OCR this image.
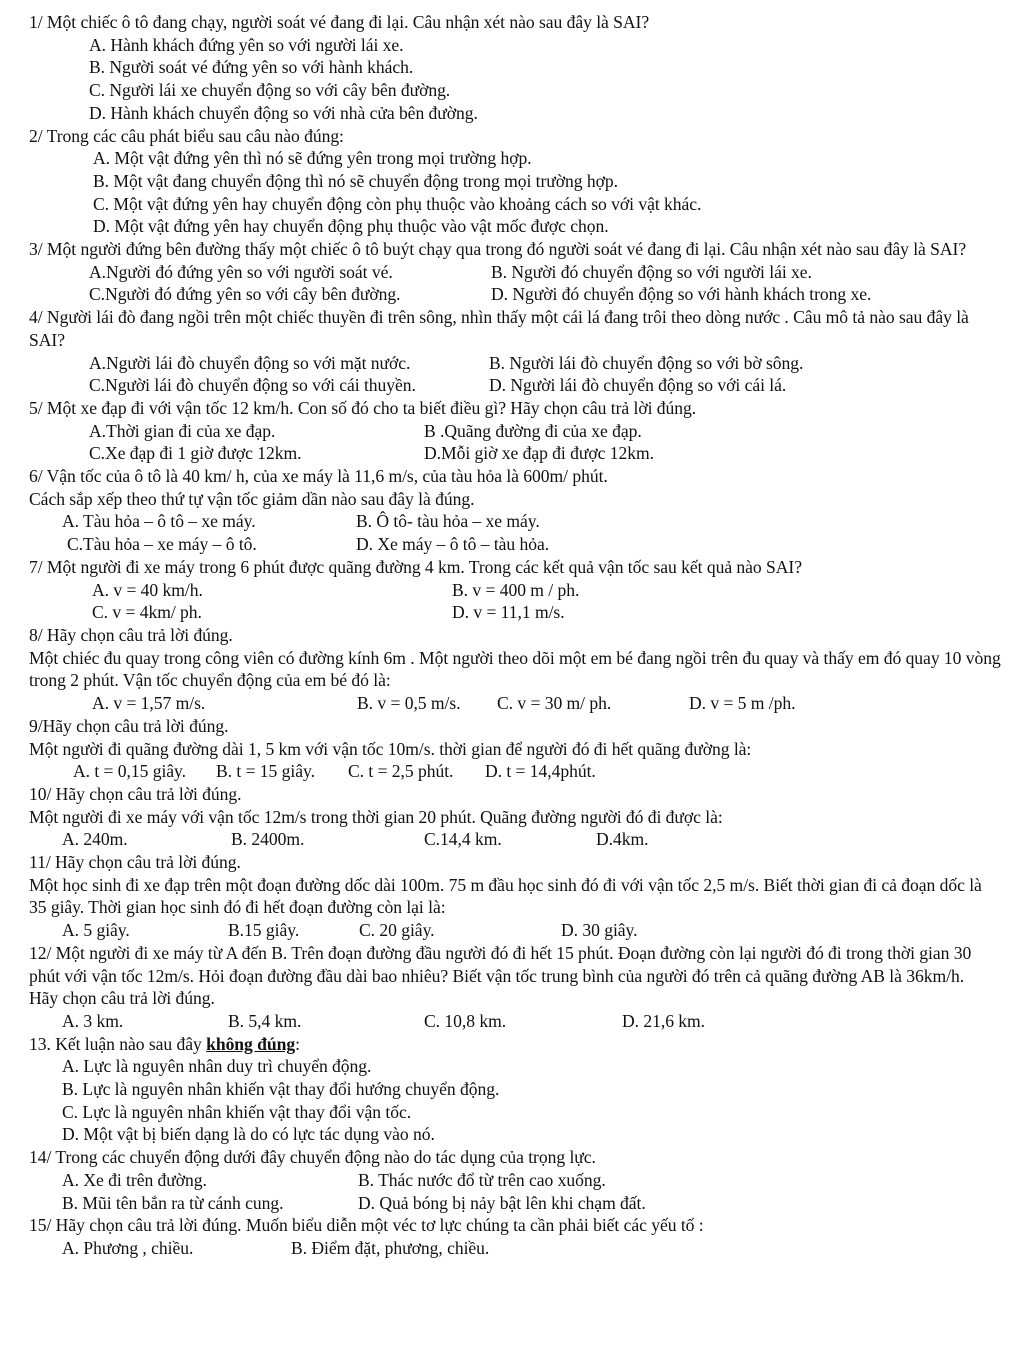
1/ Một chiếc ô tô đang chạy, người soát vé đang đi lại. Câu nhận xét nào sau đây là SAI?
A. Hành khách đứng yên so với người lái xe.
B. Người soát vé đứng yên so với hành khách.
C. Người lái xe chuyển động so với cây bên đường.
D. Hành khách chuyển động so với nhà cửa bên đường.
2/ Trong các câu phát biểu sau câu nào đúng:
A. Một vật đứng yên thì nó sẽ đứng yên trong mọi trường hợp.
B. Một vật đang chuyển động thì nó sẽ chuyển động trong mọi trường hợp.
C. Một vật đứng yên hay chuyển động còn phụ thuộc vào khoảng cách so với vật khác.
D. Một vật đứng yên hay chuyển động phụ thuộc vào vật mốc được chọn.
3/ Một người đứng bên đường thấy một chiếc ô tô buýt chạy qua trong đó người soát vé đang đi lại. Câu nhận xét nào sau đây là SAI?
A.Người đó đứng yên so với người soát vé.	B. Người đó chuyển động so với người lái xe.
C.Người đó đứng yên so với cây bên đường.	D. Người đó chuyển động so với hành khách trong xe.
4/ Người lái đò đang ngồi trên một chiếc thuyền đi trên sông, nhìn thấy một cái lá đang trôi theo dòng nước . Câu mô tả nào sau đây là SAI?
A.Người lái đò chuyển động so với mặt nước.	B. Người lái đò chuyển động so với bờ sông.
C.Người lái đò chuyển động so với cái thuyền.	D. Người lái đò chuyển động so với cái lá.
5/ Một xe đạp đi với vận tốc 12 km/h. Con số đó cho ta biết điều gì? Hãy chọn câu trả lời đúng.
A.Thời gian đi của xe đạp.	B .Quãng đường đi của xe đạp.
C.Xe đạp đi 1 giờ được 12km.	D.Mỗi giờ xe đạp đi được 12km.
6/ Vận tốc của ô tô là 40 km/ h, của xe máy là 11,6 m/s, của tàu hỏa là 600m/ phút.
Cách sắp xếp theo thứ tự vận tốc giảm dần nào sau đây là đúng.
A. Tàu hỏa – ô tô – xe máy.	B. Ô tô- tàu hỏa – xe máy.
C.Tàu hỏa – xe máy – ô tô.	D. Xe máy – ô tô – tàu hỏa.
7/ Một người đi xe máy trong 6 phút được quãng đường 4 km. Trong các kết quả vận tốc sau kết quả nào SAI?
A. v = 40 km/h.	B. v = 400 m / ph.
C. v = 4km/ ph.	D. v = 11,1 m/s.
8/ Hãy chọn câu trả lời đúng.
Một chiéc đu quay trong công viên có đường kính 6m . Một người theo dõi một em bé đang ngồi trên đu quay và thấy em đó quay 10 vòng trong 2 phút. Vận tốc chuyển động của em bé đó là:
A. v = 1,57 m/s.	B. v = 0,5 m/s.	C. v = 30 m/ ph.	D. v = 5 m /ph.
9/Hãy chọn câu trả lời đúng.
Một người đi quãng đường dài 1, 5 km với vận tốc 10m/s. thời gian để người đó đi hết quãng đường là:
A. t = 0,15 giây.	B. t = 15 giây.	C. t = 2,5 phút.	D. t = 14,4phút.
10/ Hãy chọn câu trả lời đúng.
Một người đi xe máy với vận tốc 12m/s trong thời gian 20 phút. Quãng đường người đó đi được là:
A. 240m.	B. 2400m.	C.14,4 km.	D.4km.
11/ Hãy chọn câu trả lời đúng.
Một học sinh đi xe đạp trên một đoạn đường dốc dài 100m. 75 m đầu học sinh đó đi với vận tốc 2,5 m/s. Biết thời gian đi cả đoạn dốc là 35 giây. Thời gian học sinh đó đi hết đoạn đường còn lại là:
A. 5 giây.	B.15 giây.	C. 20 giây.	D. 30 giây.
12/ Một người đi xe máy từ A đến B. Trên đoạn đường đầu người đó đi hết 15 phút. Đoạn đường còn lại người đó đi trong thời gian 30 phút với vận tốc 12m/s. Hỏi đoạn đường đầu dài bao nhiêu? Biết vận tốc trung bình của người đó trên cả quãng đường AB là 36km/h.
Hãy chọn câu trả lời đúng.
A. 3 km.	B. 5,4 km.	C. 10,8 km.	D. 21,6 km.
13. Kết luận nào sau đây không đúng:
A. Lực là nguyên nhân duy trì chuyển động.
B. Lực là nguyên nhân khiến vật thay đổi hướng chuyển động.
C. Lực là nguyên nhân khiến vật thay đổi vận tốc.
D. Một vật bị biến dạng là do có lực tác dụng vào nó.
14/ Trong các chuyển động dưới đây chuyển động nào do tác dụng của trọng lực.
A. Xe đi trên đường.	B. Thác nước đổ từ trên cao xuống.
B. Mũi tên bắn ra từ cánh cung.	D. Quả bóng bị nảy bật lên khi chạm đất.
15/ Hãy chọn câu trả lời đúng. Muốn biểu diễn một véc tơ lực chúng ta cần phải biết các yếu tố :
A. Phương , chiều.	B. Điểm đặt, phương, chiều.
